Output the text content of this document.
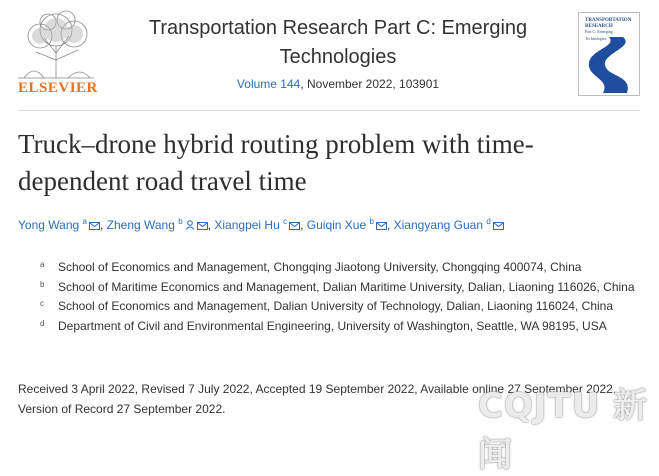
ELSEVIER
Transportation Research Part C: Emerging Technologies
Volume 144, November 2022, 103901
TRANSPORTATION RESEARCH
Part C: Emerging Technologies
Truck–drone hybrid routing problem with time-dependent road travel time
Yong Wang $^a$ , Zheng Wang $^b$ , Xiangpei Hu $^c$ , Guiqin Xue $^b$ , Xiangyang Guan $^d$
a School of Economics and Management, Chongqing Jiaotong University, Chongqing 400074, China
b School of Maritime Economics and Management, Dalian Maritime University, Dalian, Liaoning 116026, China
c School of Economics and Management, Dalian University of Technology, Dalian, Liaoning 116024, China
d Department of Civil and Environmental Engineering, University of Washington, Seattle, WA 98195, USA
Received 3 April 2022, Revised 7 July 2022, Accepted 19 September 2022, Available online 27 September 2022.
Version of Record 27 September 2022.	CQJTU 新闻
